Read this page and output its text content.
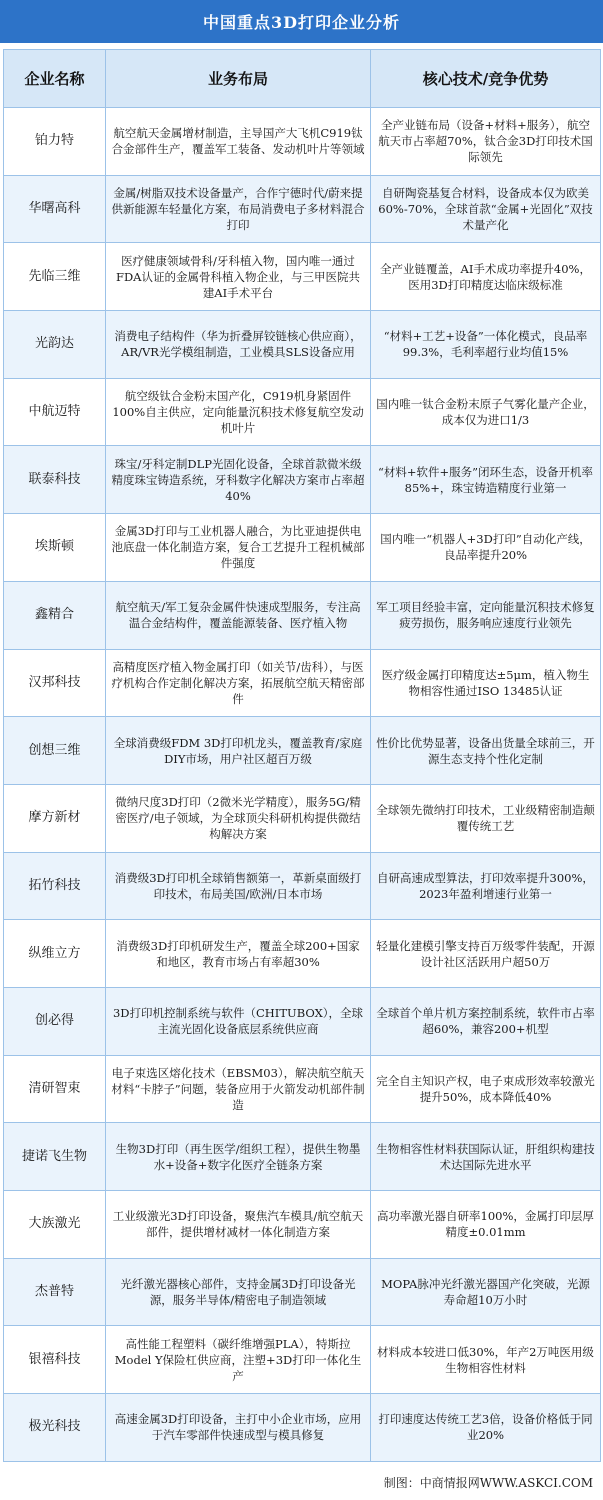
中国重点3D打印企业分析
企业名称	业务布局	核心技术/竞争优势
铂力特	航空航天金属增材制造，主导国产大飞机C919钛合金部件生产，覆盖军工装备、发动机叶片等领域	全产业链布局（设备+材料+服务），航空航天市占率超70%，钛合金3D打印技术国际领先
华曙高科	金属/树脂双技术设备量产，合作宁德时代/蔚来提供新能源车轻量化方案，布局消费电子多材料混合打印	自研陶瓷基复合材料，设备成本仅为欧美60%-70%，全球首款“金属+光固化”双技术量产化
先临三维	医疗健康领域骨科/牙科植入物，国内唯一通过FDA认证的金属骨科植入物企业，与三甲医院共建AI手术平台	全产业链覆盖，AI手术成功率提升40%，医用3D打印精度达临床级标准
光韵达	消费电子结构件（华为折叠屏铰链核心供应商），AR/VR光学模组制造，工业模具SLS设备应用	“材料+工艺+设备”一体化模式，良品率99.3%，毛利率超行业均值15%
中航迈特	航空级钛合金粉末国产化，C919机身紧固件100%自主供应，定向能量沉积技术修复航空发动机叶片	国内唯一钛合金粉末原子气雾化量产企业，成本仅为进口1/3
联泰科技	珠宝/牙科定制DLP光固化设备，全球首款微米级精度珠宝铸造系统，牙科数字化解决方案市占率超40%	“材料+软件+服务”闭环生态，设备开机率85%+，珠宝铸造精度行业第一
埃斯顿	金属3D打印与工业机器人融合，为比亚迪提供电池底盘一体化制造方案，复合工艺提升工程机械部件强度	国内唯一“机器人+3D打印”自动化产线，良品率提升20%
鑫精合	航空航天/军工复杂金属件快速成型服务，专注高温合金结构件，覆盖能源装备、医疗植入物	军工项目经验丰富，定向能量沉积技术修复疲劳损伤，服务响应速度行业领先
汉邦科技	高精度医疗植入物金属打印（如关节/齿科），与医疗机构合作定制化解决方案，拓展航空航天精密部件	医疗级金属打印精度达±5μm，植入物生物相容性通过ISO 13485认证
创想三维	全球消费级FDM 3D打印机龙头，覆盖教育/家庭DIY市场，用户社区超百万级	性价比优势显著，设备出货量全球前三，开源生态支持个性化定制
摩方新材	微纳尺度3D打印（2微米光学精度），服务5G/精密医疗/电子领域，为全球顶尖科研机构提供微结构解决方案	全球领先微纳打印技术，工业级精密制造颠覆传统工艺
拓竹科技	消费级3D打印机全球销售额第一，革新桌面级打印技术，布局美国/欧洲/日本市场	自研高速成型算法，打印效率提升300%，2023年盈利增速行业第一
纵维立方	消费级3D打印机研发生产，覆盖全球200+国家和地区，教育市场占有率超30%	轻量化建模引擎支持百万级零件装配，开源设计社区活跃用户超50万
创必得	3D打印机控制系统与软件（CHITUBOX），全球主流光固化设备底层系统供应商	全球首个单片机方案控制系统，软件市占率超60%，兼容200+机型
清研智束	电子束选区熔化技术（EBSM03），解决航空航天材料“卡脖子”问题，装备应用于火箭发动机部件制造	完全自主知识产权，电子束成形效率较激光提升50%，成本降低40%
捷诺飞生物	生物3D打印（再生医学/组织工程），提供生物墨水+设备+数字化医疗全链条方案	生物相容性材料获国际认证，肝组织构建技术达国际先进水平
大族激光	工业级激光3D打印设备，聚焦汽车模具/航空航天部件，提供增材减材一体化制造方案	高功率激光器自研率100%，金属打印层厚精度±0.01mm
杰普特	光纤激光器核心部件，支持金属3D打印设备光源，服务半导体/精密电子制造领域	MOPA脉冲光纤激光器国产化突破，光源寿命超10万小时
银禧科技	高性能工程塑料（碳纤维增强PLA），特斯拉Model Y保险杠供应商，注塑+3D打印一体化生产	材料成本较进口低30%，年产2万吨医用级生物相容性材料
极光科技	高速金属3D打印设备，主打中小企业市场，应用于汽车零部件快速成型与模具修复	打印速度达传统工艺3倍，设备价格低于同业20%
制图：中商情报网WWW.ASKCI.COM
